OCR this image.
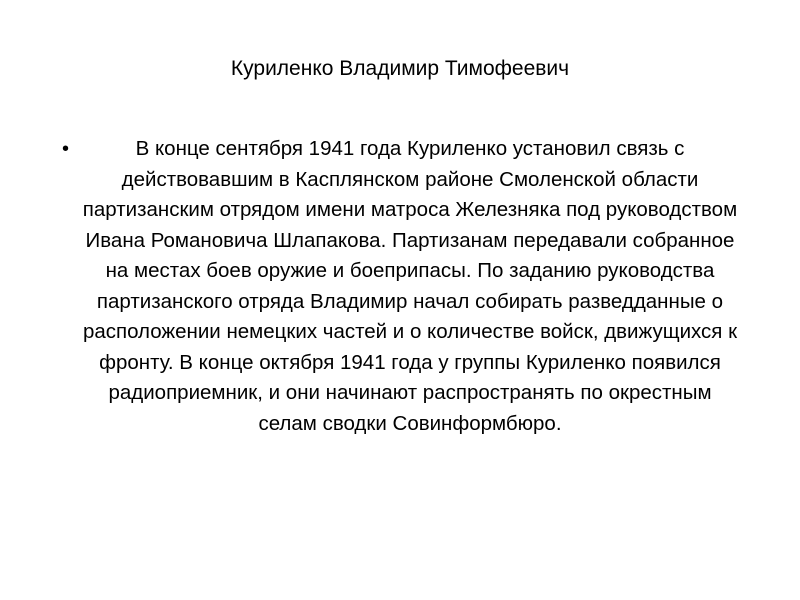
Куриленко Владимир Тимофеевич
•	В конце сентября 1941 года Куриленко установил связь с действовавшим в Касплянском районе Смоленской области партизанским отрядом имени матроса Железняка под руководством Ивана Романовича Шлапакова. Партизанам передавали собранное на местах боев оружие и боеприпасы. По заданию руководства партизанского отряда Владимир начал собирать разведданные о расположении немецких частей и о количестве войск, движущихся к фронту. В конце октября 1941 года у группы Куриленко появился радиоприемник, и они начинают распространять по окрестным селам сводки Совинформбюро.
